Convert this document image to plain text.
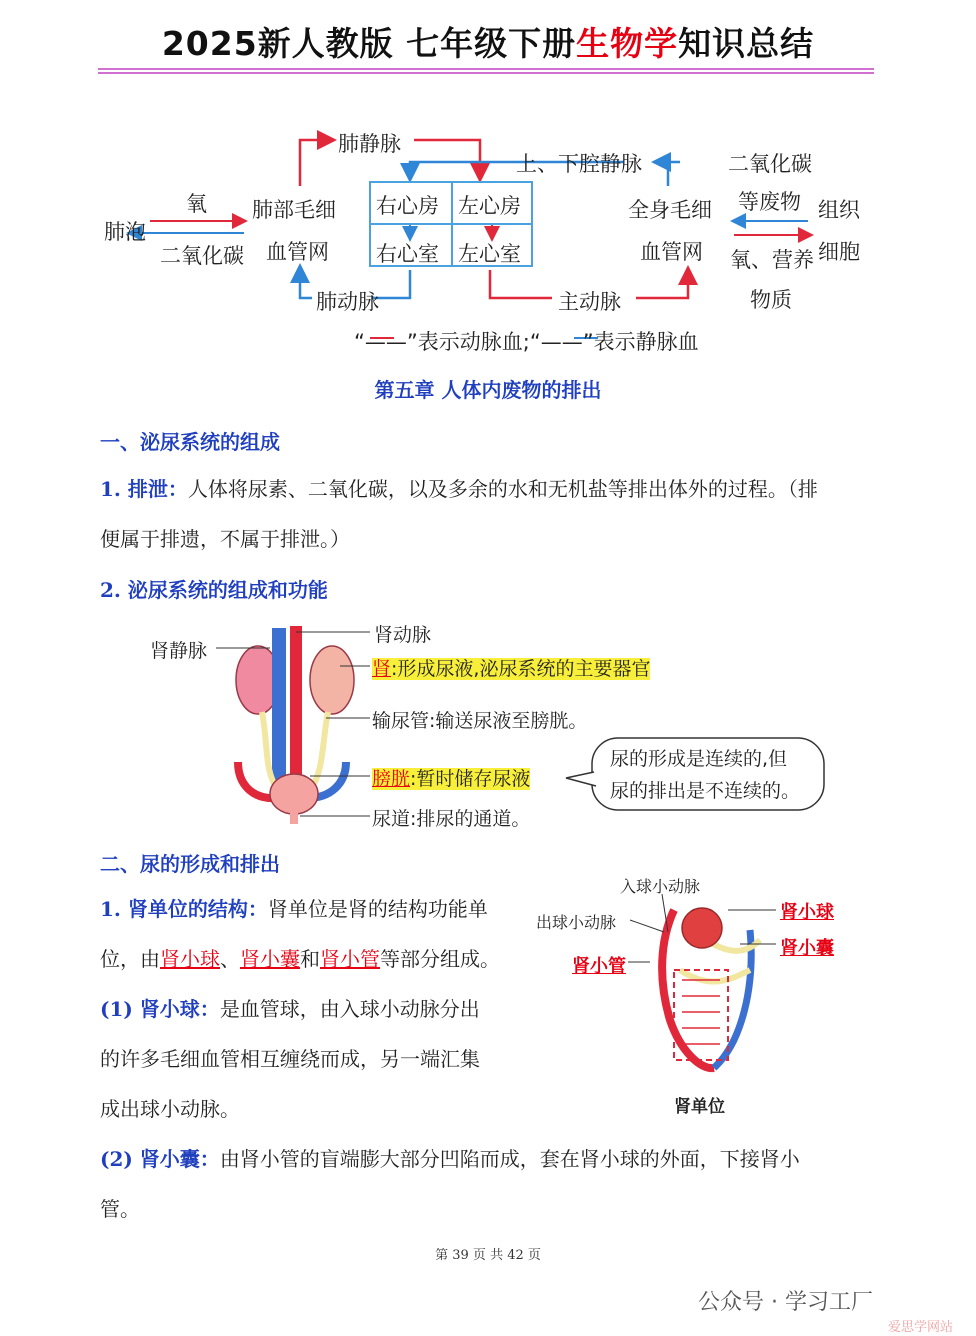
2025新人教版 七年级下册生物学知识总结
肺静脉
上、下腔静脉	二氧化碳
氧
肺泡
二氧化碳
肺部毛细
血管网
右心房 左心房
右心室 左心室
全身毛细
血管网
等废物 组织
细胞
氧、营养
物质
肺动脉	主动脉
“——”表示动脉血;“——”表示静脉血
第五章 人体内废物的排出
一、泌尿系统的组成
1. 排泄：人体将尿素、二氧化碳，以及多余的水和无机盐等排出体外的过程。（排
便属于排遗，不属于排泄。）
2. 泌尿系统的组成和功能
肾静脉
肾动脉
肾:形成尿液,泌尿系统的主要器官
输尿管:输送尿液至膀胱。
膀胱:暂时储存尿液
尿道:排尿的通道。
尿的形成是连续的,但
尿的排出是不连续的。
二、尿的形成和排出
1. 肾单位的结构：肾单位是肾的结构功能单
位，由肾小球、肾小囊和肾小管等部分组成。
(1) 肾小球：是血管球，由入球小动脉分出
的许多毛细血管相互缠绕而成，另一端汇集
成出球小动脉。
入球小动脉
出球小动脉	肾小球
肾小囊
肾小管
肾单位
(2) 肾小囊：由肾小管的盲端膨大部分凹陷而成，套在肾小球的外面，下接肾小
管。
第 39 页 共 42 页
公众号 · 学习工厂
爱思学网站
